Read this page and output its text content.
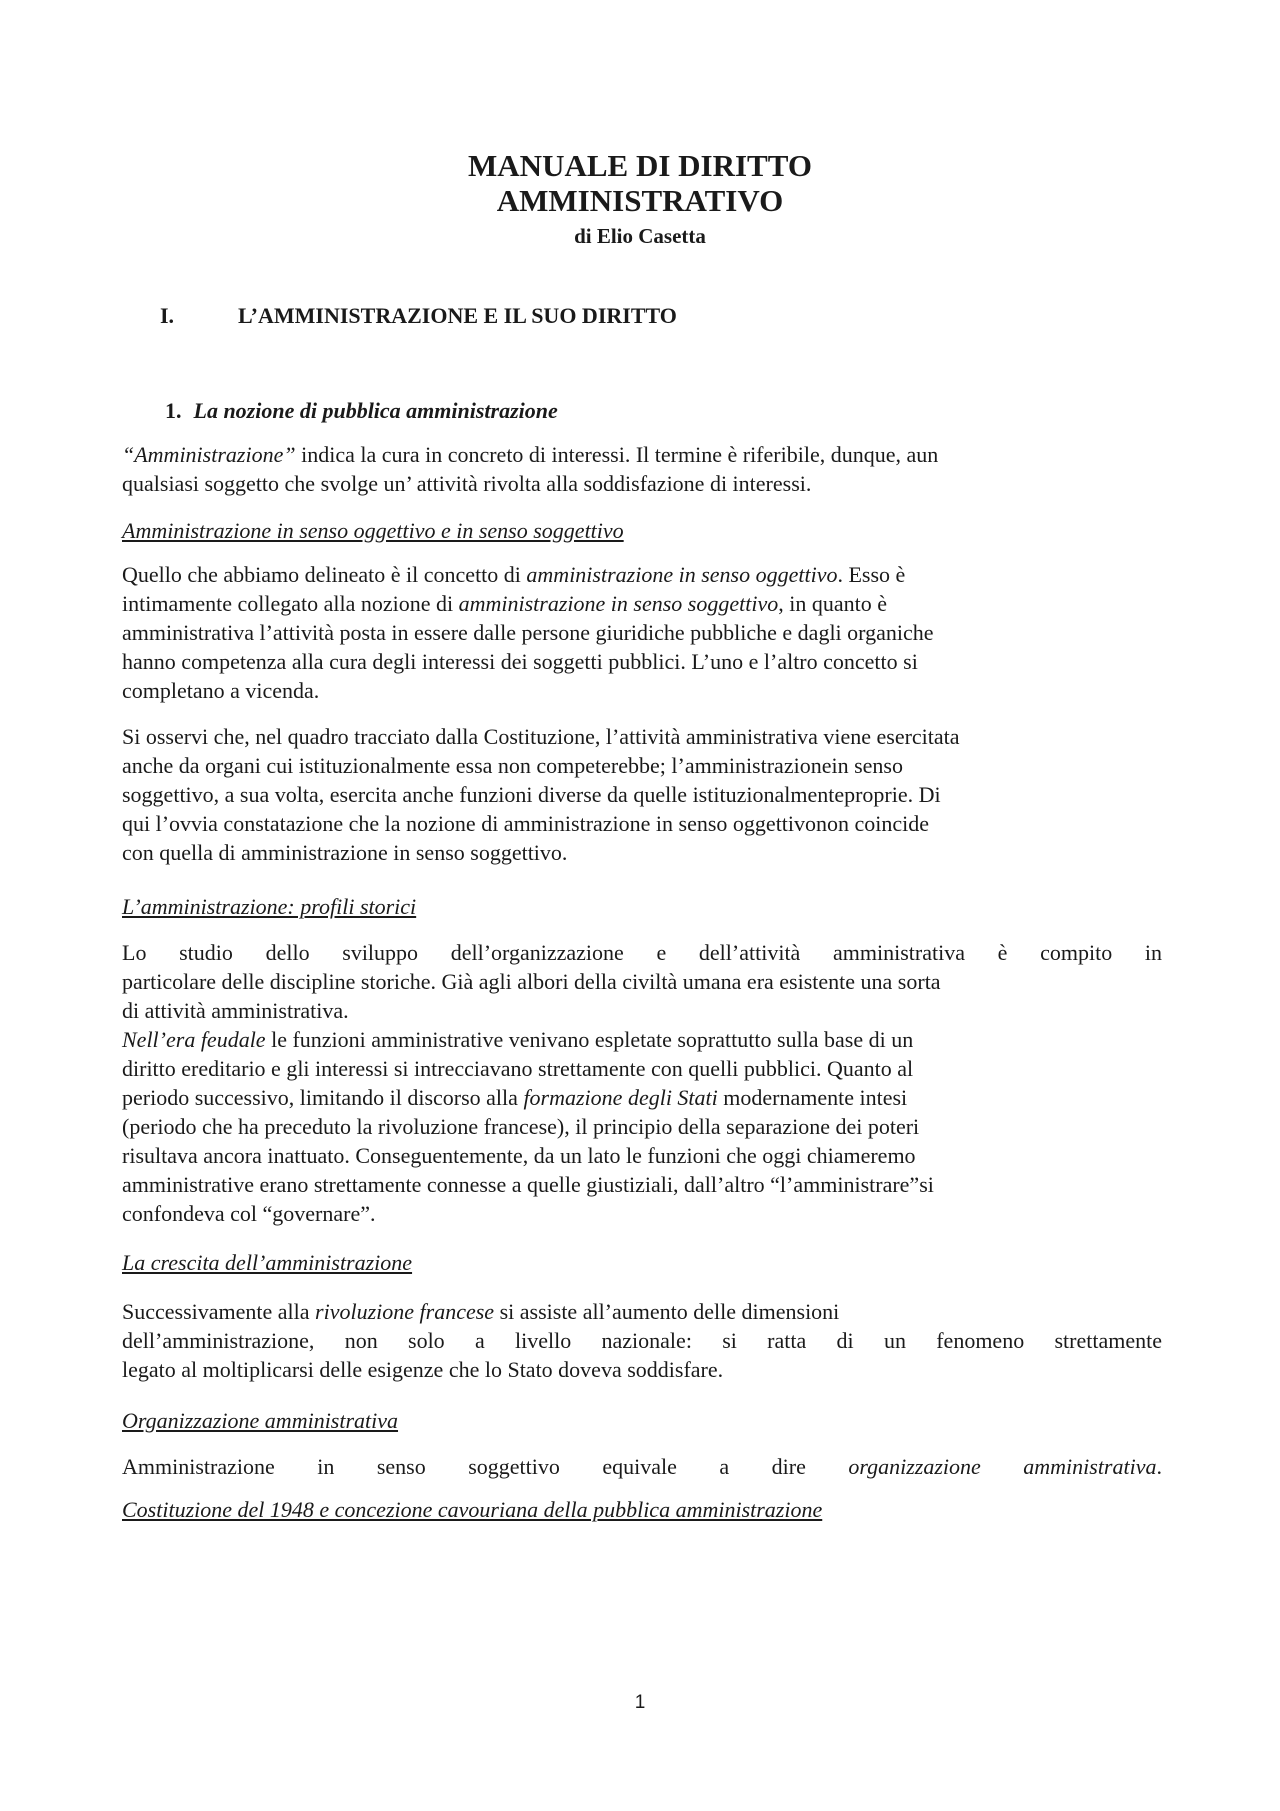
MANUALE DI DIRITTO
AMMINISTRATIVO
di Elio Casetta
I.	L’AMMINISTRAZIONE E IL SUO DIRITTO
1. La nozione di pubblica amministrazione
“Amministrazione” indica la cura in concreto di interessi. Il termine è riferibile, dunque, aun
qualsiasi soggetto che svolge un’ attività rivolta alla soddisfazione di interessi.
Amministrazione in senso oggettivo e in senso soggettivo
Quello che abbiamo delineato è il concetto di amministrazione in senso oggettivo. Esso è
intimamente collegato alla nozione di amministrazione in senso soggettivo, in quanto è
amministrativa l’attività posta in essere dalle persone giuridiche pubbliche e dagli organiche
hanno competenza alla cura degli interessi dei soggetti pubblici. L’uno e l’altro concetto si
completano a vicenda.
Si osservi che, nel quadro tracciato dalla Costituzione, l’attività amministrativa viene esercitata
anche da organi cui istituzionalmente essa non competerebbe; l’amministrazionein senso
soggettivo, a sua volta, esercita anche funzioni diverse da quelle istituzionalmenteproprie. Di
qui l’ovvia constatazione che la nozione di amministrazione in senso oggettivonon coincide
con quella di amministrazione in senso soggettivo.
L’amministrazione: profili storici
Lo studio dello sviluppo dell’organizzazione e dell’attività amministrativa è compito in
particolare delle discipline storiche. Già agli albori della civiltà umana era esistente una sorta
di attività amministrativa.
Nell’era feudale le funzioni amministrative venivano espletate soprattutto sulla base di un
diritto ereditario e gli interessi si intrecciavano strettamente con quelli pubblici. Quanto al
periodo successivo, limitando il discorso alla formazione degli Stati modernamente intesi
(periodo che ha preceduto la rivoluzione francese), il principio della separazione dei poteri
risultava ancora inattuato. Conseguentemente, da un lato le funzioni che oggi chiameremo
amministrative erano strettamente connesse a quelle giustiziali, dall’altro “l’amministrare”si
confondeva col “governare”.
La crescita dell’amministrazione
Successivamente alla rivoluzione francese si assiste all’aumento delle dimensioni
dell’amministrazione, non solo a livello nazionale: si ratta di un fenomeno strettamente
legato al moltiplicarsi delle esigenze che lo Stato doveva soddisfare.
Organizzazione amministrativa
Amministrazione in senso soggettivo equivale a dire organizzazione amministrativa.
Costituzione del 1948 e concezione cavouriana della pubblica amministrazione
1
